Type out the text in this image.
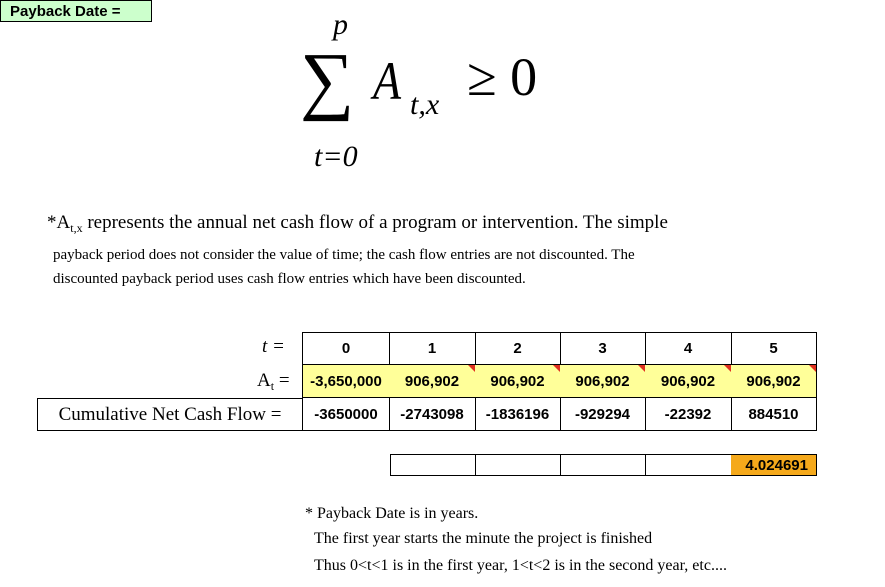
p
∑ A t,x ≥ 0
t=0
$*A_{t,x}$ represents the annual net cash flow of a program or intervention. The simple
payback period does not consider the value of time; the cash flow entries are not discounted. The discounted payback period uses cash flow entries which have been discounted.
t =
$A_t$ =
Cumulative Net Cash Flow =
0	1	2	3	4	5
-3,650,000 906,902 906,902 906,902 906,902 906,902
-3650000	-2743098	-1836196	-929294	-22392	884510
Payback Date =
4.024691
* Payback Date is in years.
The first year starts the minute the project is finished
Thus 0<t<1 is in the first year, 1<t<2 is in the second year, etc....
